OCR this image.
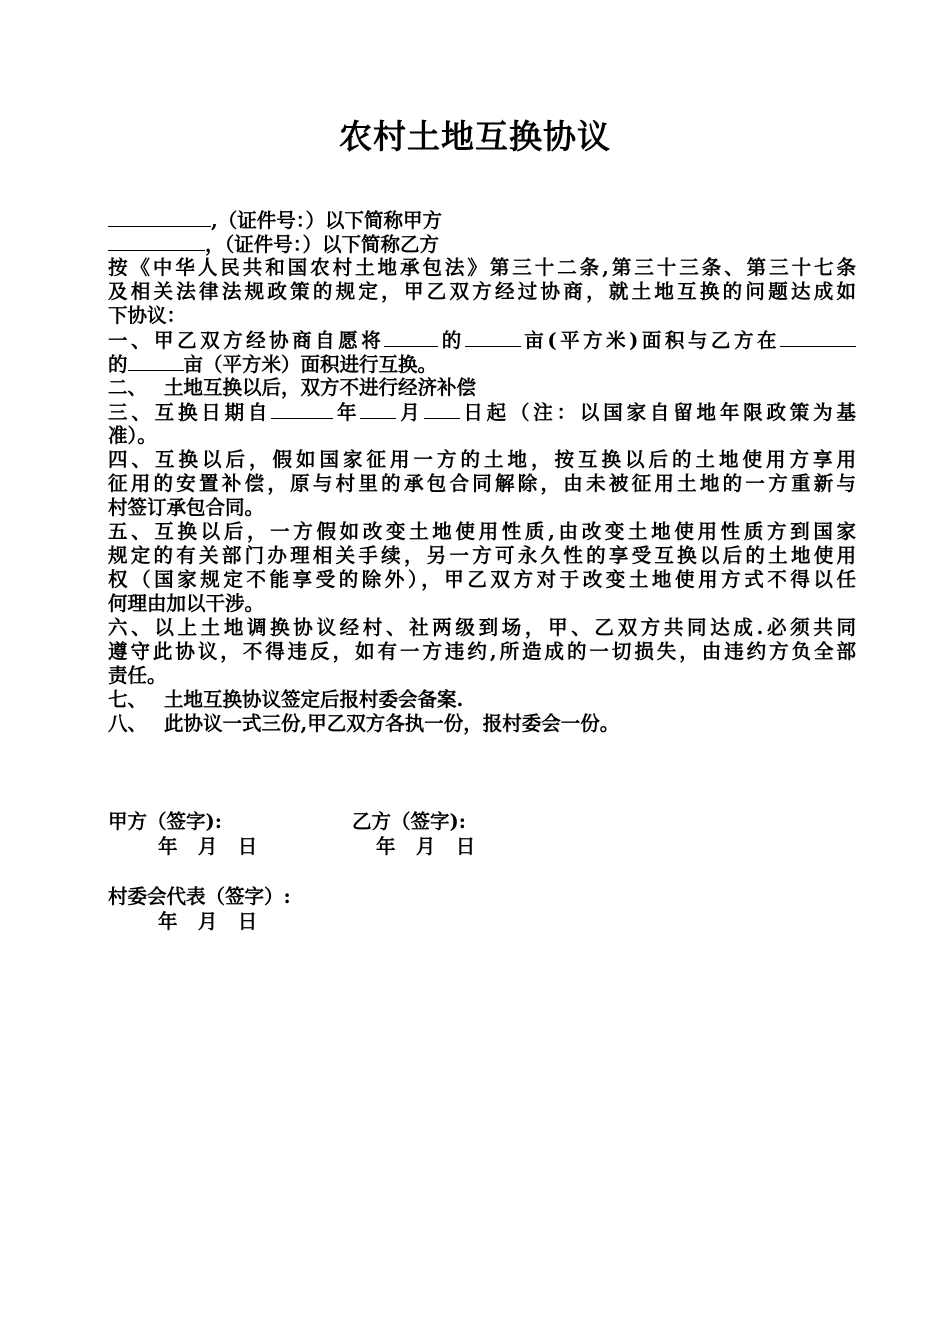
农村土地互换协议
,（证件号：）以下简称甲方
，（证件号：）以下简称乙方
按《中华人民共和国农村土地承包法》第三十二条,第三十三条、第三十七条
及相关法律法规政策的规定，甲乙双方经过协商，就土地互换的问题达成如
下协议：
一、甲乙双方经协商自愿将	的	亩(平方米)面积与乙方在
的	亩（平方米）面积进行互换。
二、 土地互换以后，双方不进行经济补偿
三、互换日期自	年 月 日起（注：以国家自留地年限政策为基
准）。
四、互换以后，假如国家征用一方的土地，按互换以后的土地使用方享用
征用的安置补偿，原与村里的承包合同解除，由未被征用土地的一方重新与
村签订承包合同。
五、互换以后，一方假如改变土地使用性质,由改变土地使用性质方到国家
规定的有关部门办理相关手续，另一方可永久性的享受互换以后的土地使用
权（国家规定不能享受的除外），甲乙双方对于改变土地使用方式不得以任
何理由加以干涉。
六、以上土地调换协议经村、社两级到场，甲、乙双方共同达成.必须共同
遵守此协议，不得违反，如有一方违约,所造成的一切损失，由违约方负全部
责任。
七、 土地互换协议签定后报村委会备案.
八、 此协议一式三份,甲乙双方各执一份，报村委会一份。
甲方（签字):
年   月   日
乙方（签字):
年   月   日
村委会代表（签字）:
年   月   日
